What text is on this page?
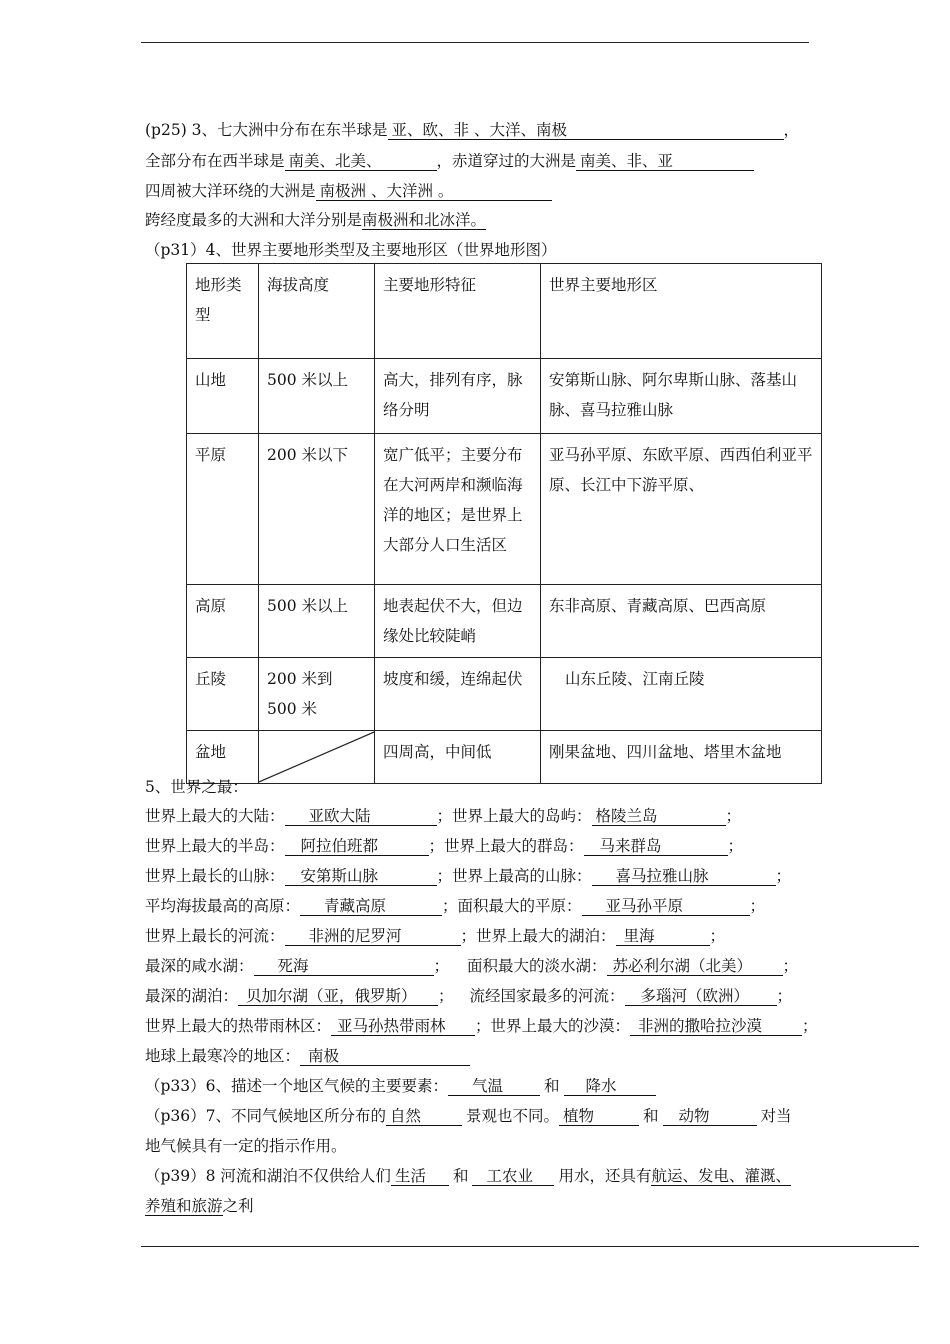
(p25) 3、七大洲中分布在东半球是 亚、欧、非 、大洋、南极	，
全部分布在西半球是 南美、北美、	，赤道穿过的大洲是 南美、非、亚
四周被大洋环绕的大洲是 南极洲 、大洋洲 。
跨经度最多的大洲和大洋分别是南极洲和北冰洋。
（p31）4、世界主要地形类型及主要地形区（世界地形图）
地形类型	海拔高度	主要地形特征	世界主要地形区
山地	500 米以上	高大，排列有序，脉络分明	安第斯山脉、阿尔卑斯山脉、落基山脉、喜马拉雅山脉
平原	200 米以下	宽广低平；主要分布在大河两岸和濒临海洋的地区；是世界上大部分人口生活区	亚马孙平原、东欧平原、西西伯利亚平原、长江中下游平原、
高原	500 米以上	地表起伏不大，但边缘处比较陡峭	东非高原、青藏高原、巴西高原
丘陵	200 米到 500 米	坡度和缓，连绵起伏	山东丘陵、江南丘陵
盆地		四周高，中间低	刚果盆地、四川盆地、塔里木盆地
5、世界之最：
世界上最大的大陆： 亚欧大陆	；世界上最大的岛屿： 格陵兰岛	；
世界上最大的半岛： 阿拉伯班都	；世界上最大的群岛： 马来群岛	；
世界上最长的山脉： 安第斯山脉	；世界上最高的山脉： 喜马拉雅山脉	；
平均海拔最高的高原： 青藏高原	；面积最大的平原： 亚马孙平原	；
世界上最长的河流： 非洲的尼罗河	；世界上最大的湖泊： 里海	；
最深的咸水湖： 死海	； 面积最大的淡水湖： 苏必利尔湖（北美） ；
最深的湖泊： 贝加尔湖（亚，俄罗斯） ； 流经国家最多的河流： 多瑙河（欧洲） ；
世界上最大的热带雨林区： 亚马孙热带雨林 ；世界上最大的沙漠： 非洲的撒哈拉沙漠	；
地球上最寒冷的地区： 南极
（p33）6、描述一个地区气候的主要要素： 气温	和 降水
（p36）7、不同气候地区所分布的 自然	景观也不同。 植物	和 动物	对当
地气候具有一定的指示作用。
（p39）8 河流和湖泊不仅供给人们 生活 和 工农业 用水，还具有航运、发电、灌溉、
养殖和旅游之利
